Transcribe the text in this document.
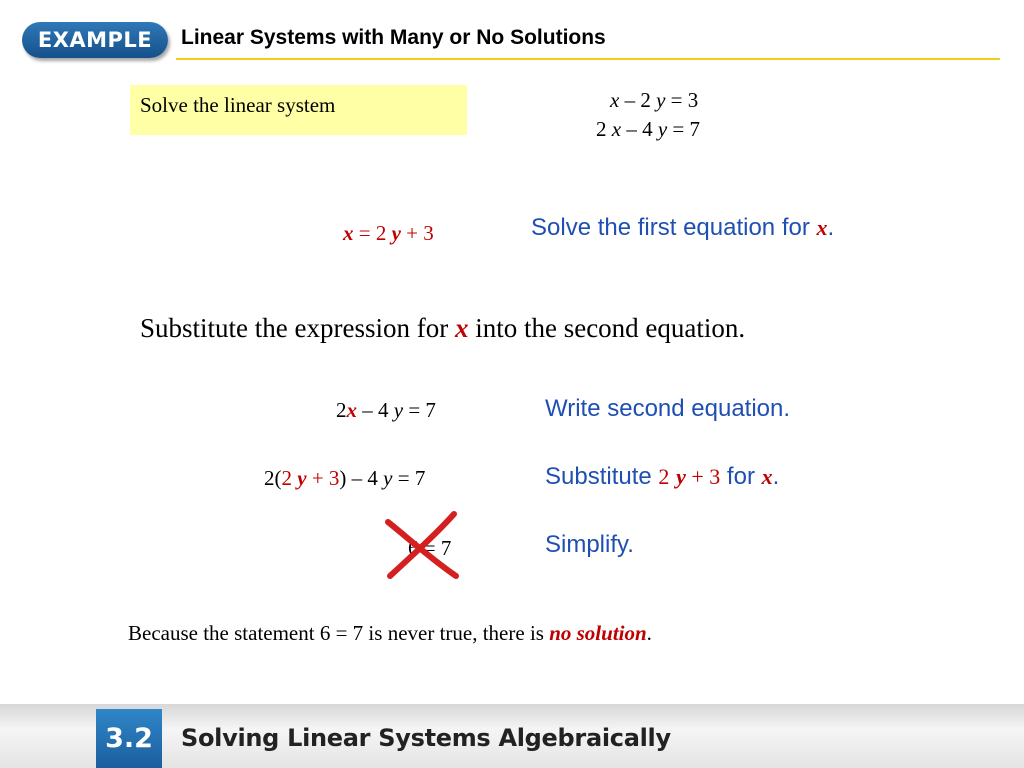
EXAMPLE	Linear Systems with Many or No Solutions
Solve the linear system	x – 2 y = 3
2 x – 4 y = 7
x = 2 y + 3	Solve the first equation for x.
Substitute the expression for x into the second equation.
2x – 4 y = 7	Write second equation.
2(2 y + 3) – 4 y = 7	Substitute 2 y + 3 for x.
6 = 7	Simplify.
Because the statement 6 = 7 is never true, there is no solution.
3.2	Solving Linear Systems Algebraically
